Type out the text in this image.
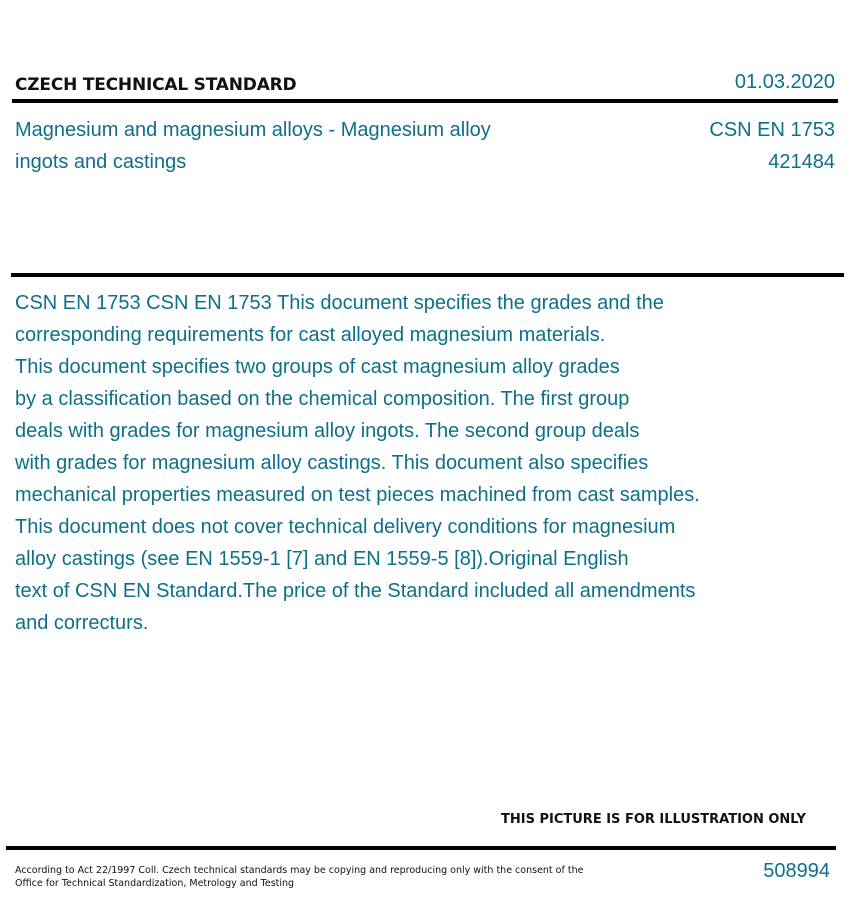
CZECH TECHNICAL STANDARD	01.03.2020
Magnesium and magnesium alloys - Magnesium alloy ingots and castings
CSN EN 1753
421484
CSN EN 1753 CSN EN 1753 This document specifies the grades and the
corresponding requirements for cast alloyed magnesium materials.
This document specifies two groups of cast magnesium alloy grades
by a classification based on the chemical composition. The first group
deals with grades for magnesium alloy ingots. The second group deals
with grades for magnesium alloy castings. This document also specifies
mechanical properties measured on test pieces machined from cast samples.
This document does not cover technical delivery conditions for magnesium
alloy castings (see EN 1559-1 [7] and EN 1559-5 [8]).Original English
text of CSN EN Standard.The price of the Standard included all amendments
and correcturs.
THIS PICTURE IS FOR ILLUSTRATION ONLY
According to Act 22/1997 Coll. Czech technical standards may be copying and reproducing only with the consent of the Office for Technical Standardization, Metrology and Testing
508994
